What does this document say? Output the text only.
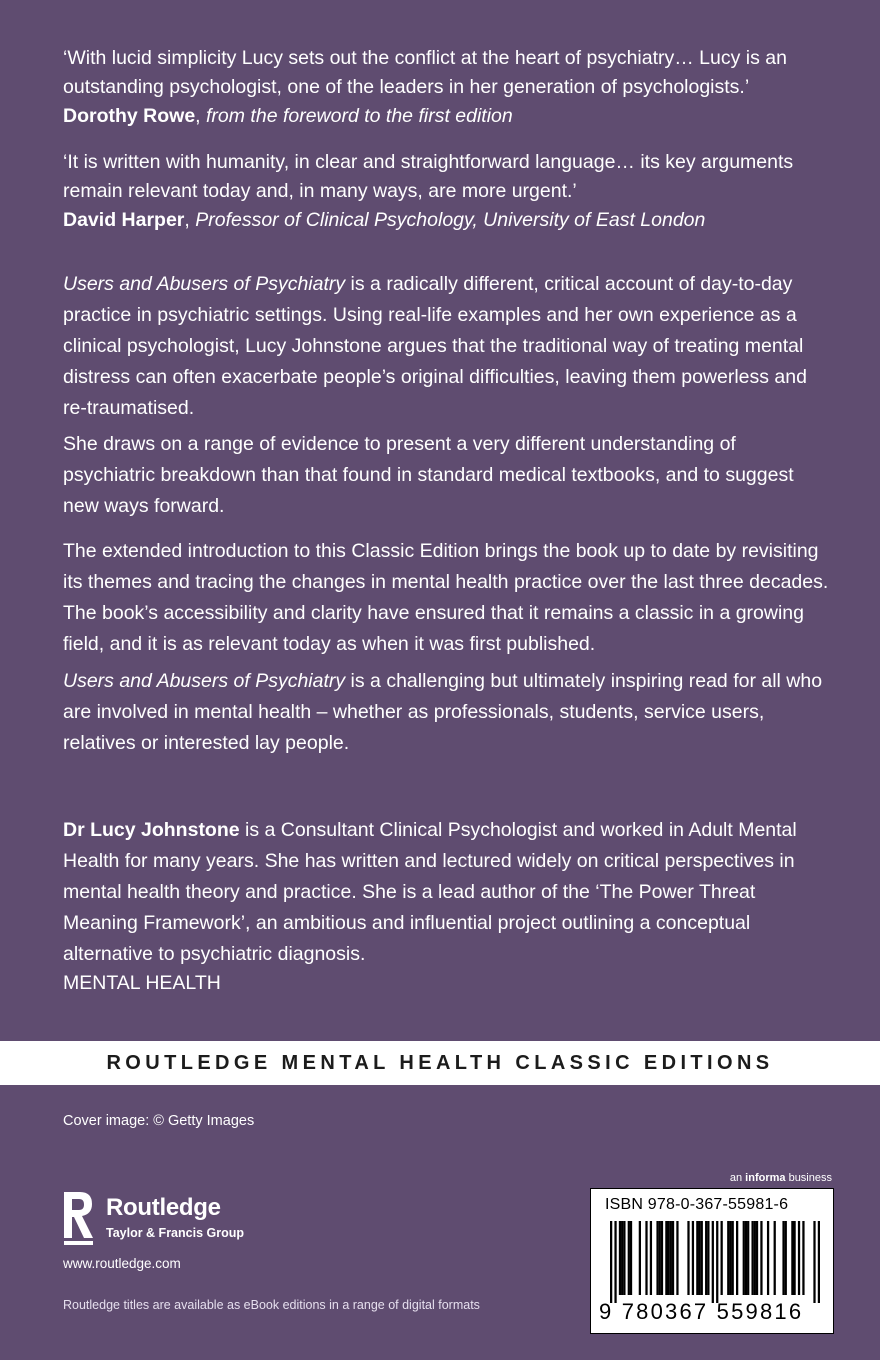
‘With lucid simplicity Lucy sets out the conflict at the heart of psychiatry… Lucy is an outstanding psychologist, one of the leaders in her generation of psychologists.’
Dorothy Rowe, from the foreword to the first edition

‘It is written with humanity, in clear and straightforward language… its key arguments remain relevant today and, in many ways, are more urgent.’
David Harper, Professor of Clinical Psychology, University of East London

Users and Abusers of Psychiatry is a radically different, critical account of day-to-day practice in psychiatric settings. Using real-life examples and her own experience as a clinical psychologist, Lucy Johnstone argues that the traditional way of treating mental distress can often exacerbate people’s original difficulties, leaving them powerless and re-traumatised.

She draws on a range of evidence to present a very different understanding of psychiatric breakdown than that found in standard medical textbooks, and to suggest new ways forward.

The extended introduction to this Classic Edition brings the book up to date by revisiting its themes and tracing the changes in mental health practice over the last three decades. The book’s accessibility and clarity have ensured that it remains a classic in a growing field, and it is as relevant today as when it was first published.

Users and Abusers of Psychiatry is a challenging but ultimately inspiring read for all who are involved in mental health – whether as professionals, students, service users, relatives or interested lay people.

Dr Lucy Johnstone is a Consultant Clinical Psychologist and worked in Adult Mental Health for many years. She has written and lectured widely on critical perspectives in mental health theory and practice. She is a lead author of the ‘The Power Threat Meaning Framework’, an ambitious and influential project outlining a conceptual alternative to psychiatric diagnosis.

MENTAL HEALTH

ROUTLEDGE MENTAL HEALTH CLASSIC EDITIONS

Cover image: © Getty Images

Routledge
Taylor & Francis Group

www.routledge.com

Routledge titles are available as eBook editions in a range of digital formats

an informa business

ISBN 978-0-367-55981-6

9 780367 559816
